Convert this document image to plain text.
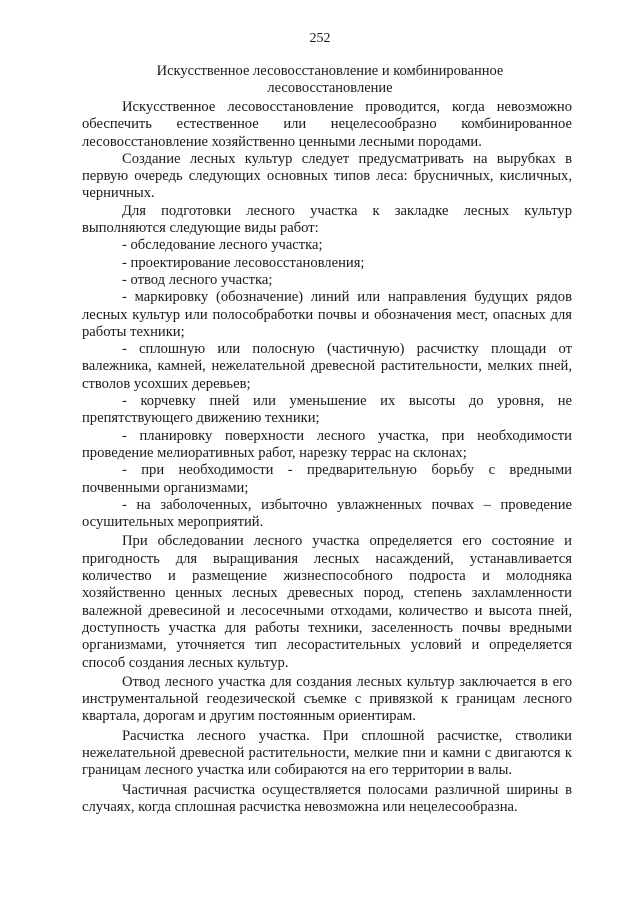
252
Искусственное лесовосстановление и комбинированное
лесовосстановление

Искусственное лесовосстановление проводится, когда невозможно обеспечить естественное или нецелесообразно комбинированное лесовосстановление хозяйственно ценными лесными породами.

Создание лесных культур следует предусматривать на вырубках в первую очередь следующих основных типов леса: брусничных, кисличных, черничных.

Для подготовки лесного участка к закладке лесных культур выполняются следующие виды работ:

- обследование лесного участка;

- проектирование лесовосстановления;

- отвод лесного участка;

- маркировку (обозначение) линий или направления будущих рядов лесных культур или полособработки почвы и обозначения мест, опасных для работы техники;

- сплошную или полосную (частичную) расчистку площади от валежника, камней, нежелательной древесной растительности, мелких пней, стволов усохших деревьев;

- корчевку пней или уменьшение их высоты до уровня, не препятствующего движению техники;

- планировку поверхности лесного участка, при необходимости проведение мелиоративных работ, нарезку террас на склонах;

- при необходимости - предварительную борьбу с вредными почвенными организмами;

- на заболоченных, избыточно увлажненных почвах – проведение осушительных мероприятий.

При обследовании лесного участка определяется его состояние и пригодность для выращивания лесных насаждений, устанавливается количество и размещение жизнеспособного подроста и молодняка хозяйственно ценных лесных древесных пород, степень захламленности валежной древесиной и лесосечными отходами, количество и высота пней, доступность участка для работы техники, заселенность почвы вредными организмами, уточняется тип лесорастительных условий и определяется способ создания лесных культур.

Отвод лесного участка для создания лесных культур заключается в его инструментальной геодезической съемке с привязкой к границам лесного квартала, дорогам и другим постоянным ориентирам.

Расчистка лесного участка. При сплошной расчистке, стволики нежелательной древесной растительности, мелкие пни и камни с двигаются к границам лесного участка или собираются на его территории в валы.

Частичная расчистка осуществляется полосами различной ширины в случаях, когда сплошная расчистка невозможна или нецелесообразна.
